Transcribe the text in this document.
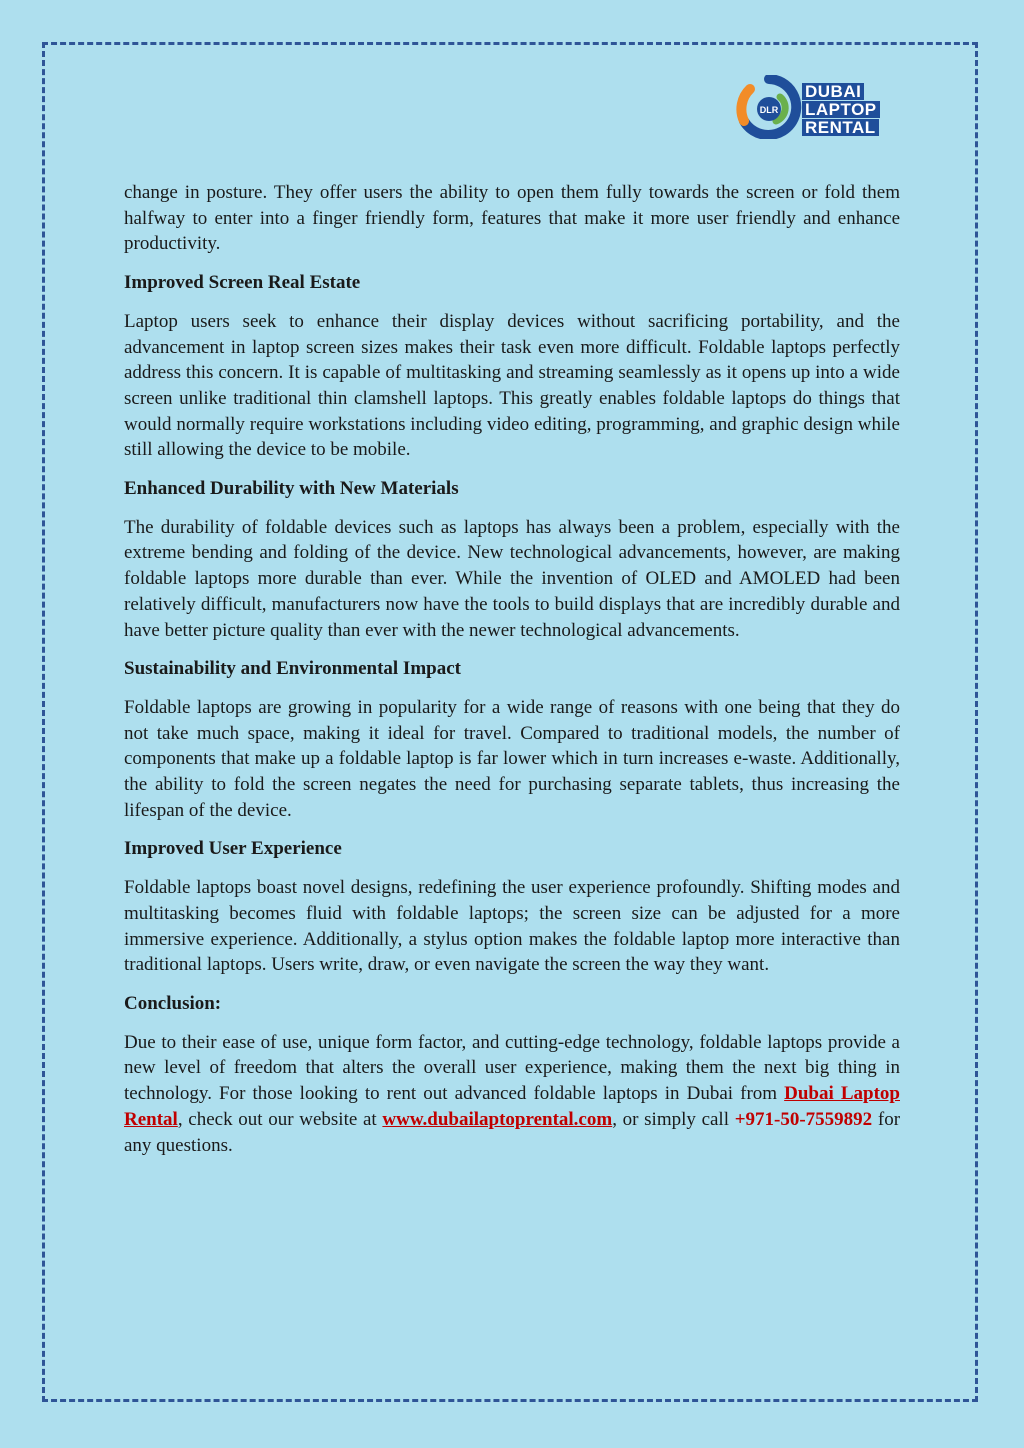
DLR
DUBAI
LAPTOP
RENTAL

change in posture. They offer users the ability to open them fully towards the screen or fold them halfway to enter into a finger friendly form, features that make it more user friendly and enhance productivity.

Improved Screen Real Estate

Laptop users seek to enhance their display devices without sacrificing portability, and the advancement in laptop screen sizes makes their task even more difficult. Foldable laptops perfectly address this concern. It is capable of multitasking and streaming seamlessly as it opens up into a wide screen unlike traditional thin clamshell laptops. This greatly enables foldable laptops do things that would normally require workstations including video editing, programming, and graphic design while still allowing the device to be mobile.

Enhanced Durability with New Materials

The durability of foldable devices such as laptops has always been a problem, especially with the extreme bending and folding of the device. New technological advancements, however, are making foldable laptops more durable than ever. While the invention of OLED and AMOLED had been relatively difficult, manufacturers now have the tools to build displays that are incredibly durable and have better picture quality than ever with the newer technological advancements.

Sustainability and Environmental Impact

Foldable laptops are growing in popularity for a wide range of reasons with one being that they do not take much space, making it ideal for travel. Compared to traditional models, the number of components that make up a foldable laptop is far lower which in turn increases e-waste. Additionally, the ability to fold the screen negates the need for purchasing separate tablets, thus increasing the lifespan of the device.

Improved User Experience

Foldable laptops boast novel designs, redefining the user experience profoundly. Shifting modes and multitasking becomes fluid with foldable laptops; the screen size can be adjusted for a more immersive experience. Additionally, a stylus option makes the foldable laptop more interactive than traditional laptops. Users write, draw, or even navigate the screen the way they want.

Conclusion:

Due to their ease of use, unique form factor, and cutting-edge technology, foldable laptops provide a new level of freedom that alters the overall user experience, making them the next big thing in technology. For those looking to rent out advanced foldable laptops in Dubai from Dubai Laptop Rental, check out our website at www.dubailaptoprental.com, or simply call +971-50-7559892 for any questions.
